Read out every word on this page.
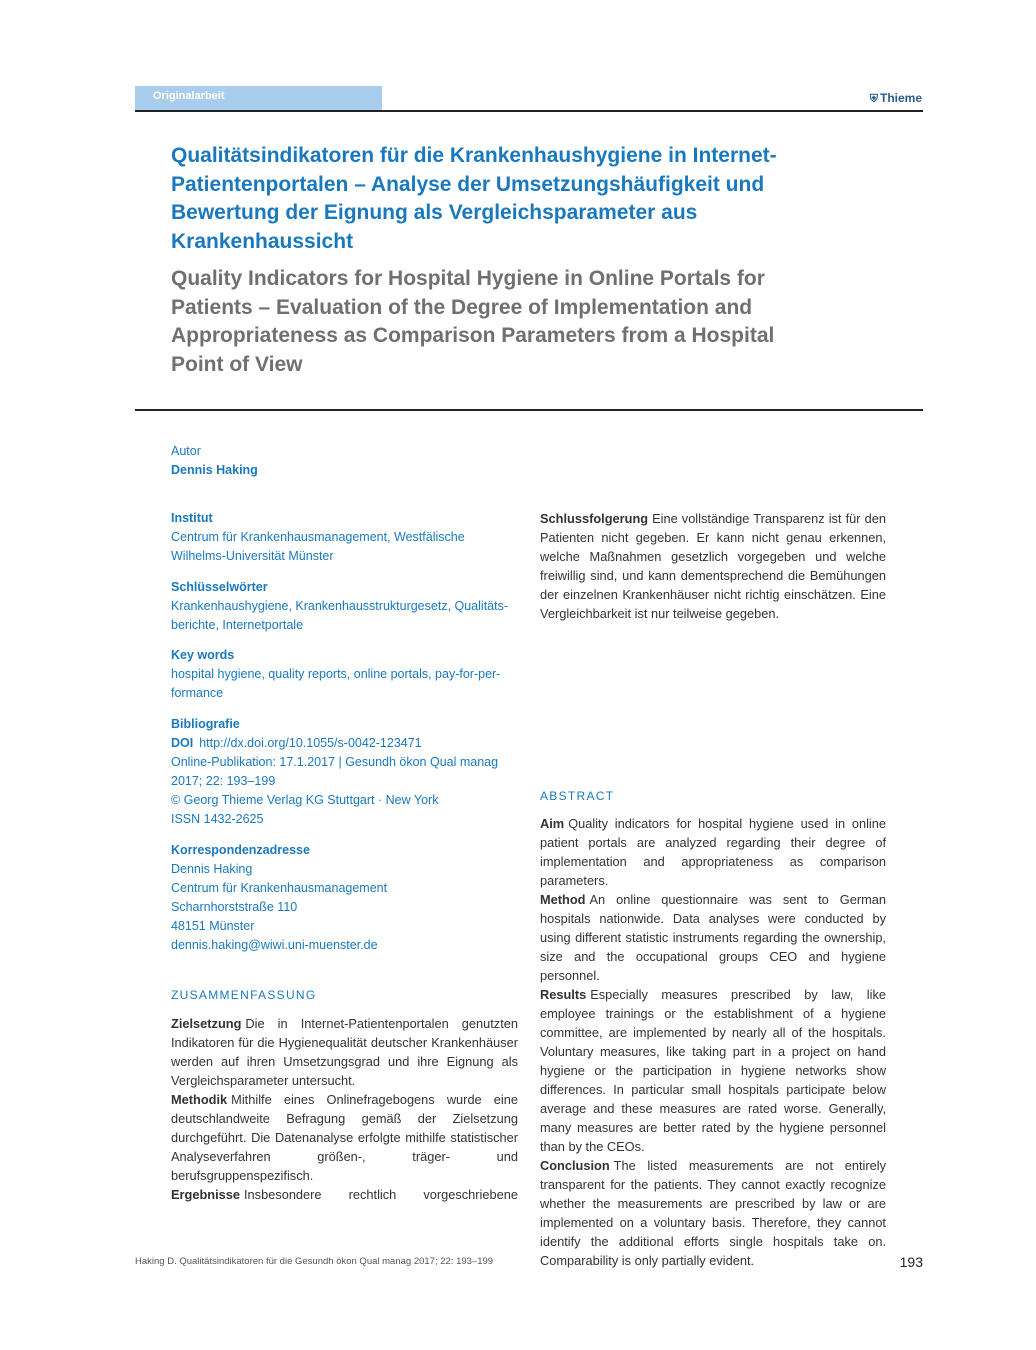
Originalarbeit	⛨ Thieme
Qualitätsindikatoren für die Krankenhaushygiene in Internet-Patientenportalen – Analyse der Umsetzungshäufigkeit und Bewertung der Eignung als Vergleichsparameter aus Krankenhaussicht
Quality Indicators for Hospital Hygiene in Online Portals for Patients – Evaluation of the Degree of Implementation and Appropriateness as Comparison Parameters from a Hospital Point of View
Autor
Dennis Haking
Institut
Centrum für Krankenhausmanagement, Westfälische
Wilhelms-Universität Münster
Schlüsselwörter
Krankenhaushygiene, Krankenhausstrukturgesetz, Qualitäts-
berichte, Internetportale
Key words
hospital hygiene, quality reports, online portals, pay-for-per-
formance
Bibliografie
DOI http://dx.doi.org/10.1055/s-0042-123471
Online-Publikation: 17.1.2017 | Gesundh ökon Qual manag
2017; 22: 193–199
© Georg Thieme Verlag KG Stuttgart · New York
ISSN 1432-2625
Korrespondenzadresse
Dennis Haking
Centrum für Krankenhausmanagement
Scharnhorststraße 110
48151 Münster
dennis.haking@wiwi.uni-muenster.de
ZUSAMMENFASSUNG

Zielsetzung Die in Internet-Patientenportalen genutzten Indikatoren für die Hygienequalität deutscher Krankenhäuser werden auf ihren Umsetzungsgrad und ihre Eignung als Vergleichsparameter untersucht.

Methodik Mithilfe eines Onlinefragebogens wurde eine deutschlandweite Befragung gemäß der Zielsetzung durchgeführt. Die Datenanalyse erfolgte mithilfe statistischer Analyseverfahren größen-, träger- und berufsgruppenspezifisch.

Ergebnisse Insbesondere rechtlich vorgeschriebene

Schlussfolgerung Eine vollständige Transparenz ist für den Patienten nicht gegeben. Er kann nicht genau erkennen, welche Maßnahmen gesetzlich vorgegeben und welche freiwillig sind, und kann dementsprechend die Bemühungen der einzelnen Krankenhäuser nicht richtig einschätzen. Eine Vergleichbarkeit ist nur teilweise gegeben.

ABSTRACT

Aim Quality indicators for hospital hygiene used in online patient portals are analyzed regarding their degree of implementation and appropriateness as comparison parameters.

Method An online questionnaire was sent to German hospitals nationwide. Data analyses were conducted by using different statistic instruments regarding the ownership, size and the occupational groups CEO and hygiene personnel.

Results Especially measures prescribed by law, like employee trainings or the establishment of a hygiene committee, are implemented by nearly all of the hospitals. Voluntary measures, like taking part in a project on hand hygiene or the participation in hygiene networks show differences. In particular small hospitals participate below average and these measures are rated worse. Generally, many measures are better rated by the hygiene personnel than by the CEOs.

Conclusion The listed measurements are not entirely transparent for the patients. They cannot exactly recognize whether the measurements are prescribed by law or are implemented on a voluntary basis. Therefore, they cannot identify the additional efforts single hospitals take on. Comparability is only partially evident.

Haking D. Qualitätsindikatoren für die Gesundh ökon Qual manag 2017; 22: 193–199	193
